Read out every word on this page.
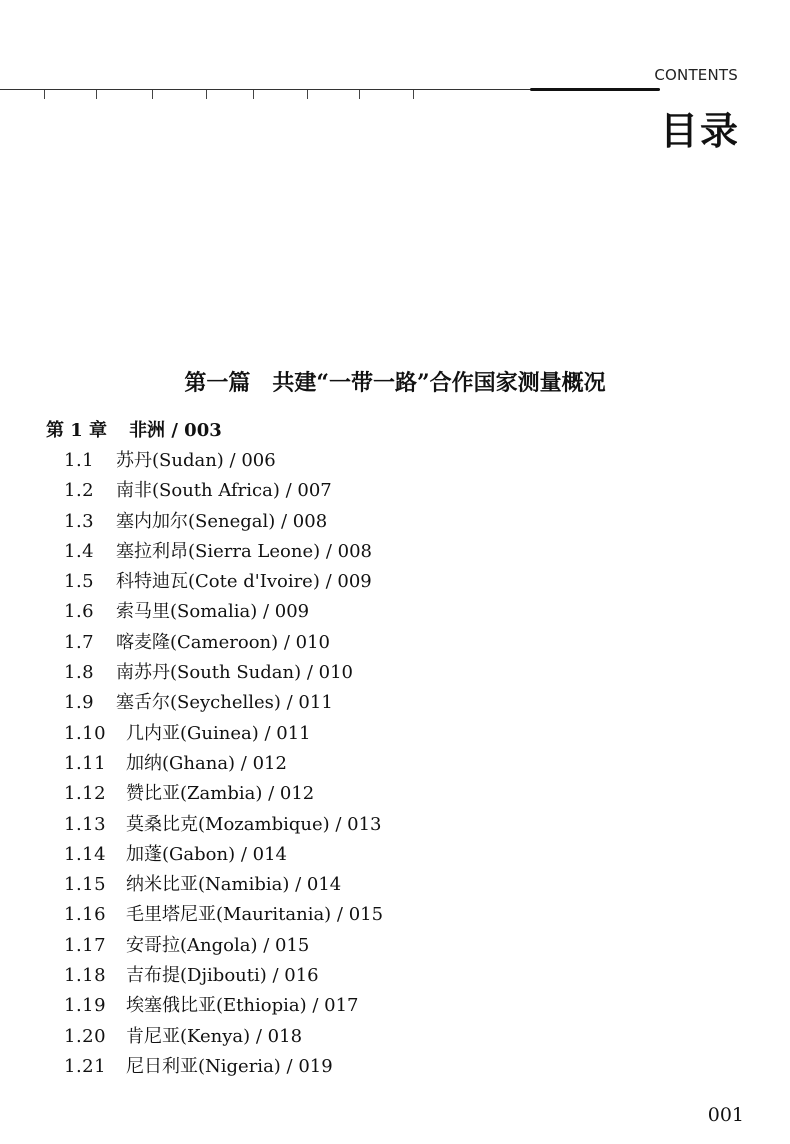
CONTENTS
目录
第一篇　共建“一带一路”合作国家测量概况
第 1 章 非洲 / 003
1.1 苏丹(Sudan) / 006
1.2 南非(South Africa) / 007
1.3 塞内加尔(Senegal) / 008
1.4 塞拉利昂(Sierra Leone) / 008
1.5 科特迪瓦(Cote d'Ivoire) / 009
1.6 索马里(Somalia) / 009
1.7 喀麦隆(Cameroon) / 010
1.8 南苏丹(South Sudan) / 010
1.9 塞舌尔(Seychelles) / 011
1.10 几内亚(Guinea) / 011
1.11 加纳(Ghana) / 012
1.12 赞比亚(Zambia) / 012
1.13 莫桑比克(Mozambique) / 013
1.14 加蓬(Gabon) / 014
1.15 纳米比亚(Namibia) / 014
1.16 毛里塔尼亚(Mauritania) / 015
1.17 安哥拉(Angola) / 015
1.18 吉布提(Djibouti) / 016
1.19 埃塞俄比亚(Ethiopia) / 017
1.20 肯尼亚(Kenya) / 018
1.21 尼日利亚(Nigeria) / 019
001
